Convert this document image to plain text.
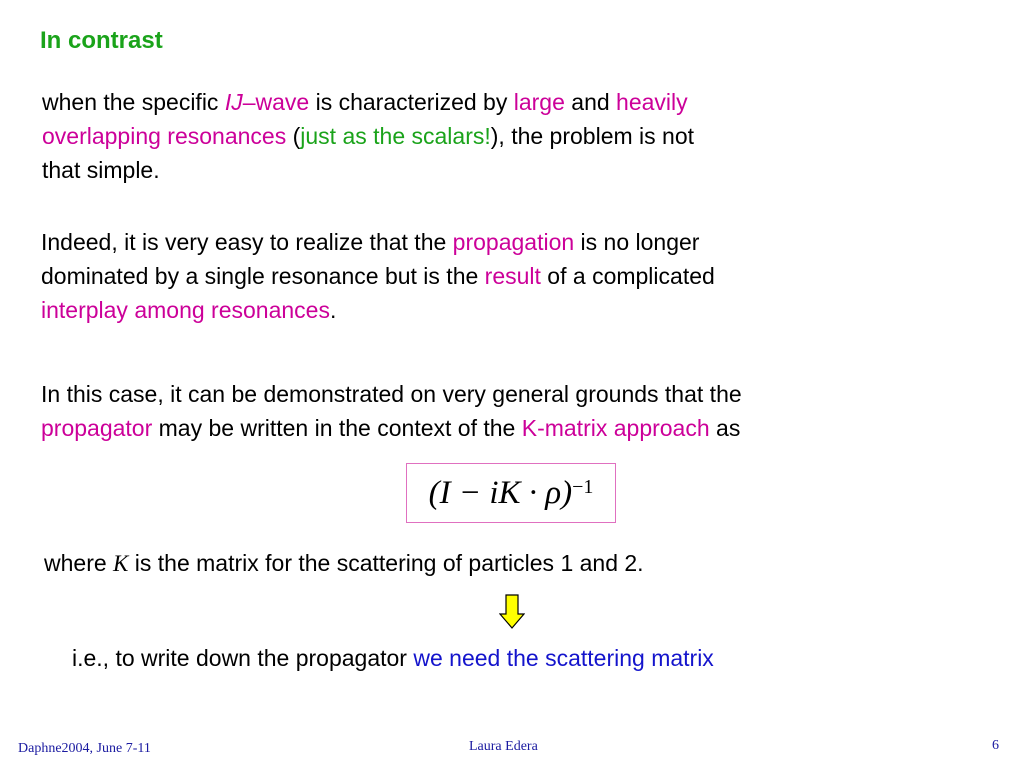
In contrast
when the specific IJ–wave is characterized by large and heavily
overlapping resonances (just as the scalars!), the problem is not
that simple.
Indeed, it is very easy to realize that the propagation is no longer
dominated by a single resonance but is the result of a complicated
interplay among resonances.
In this case, it can be demonstrated on very general grounds that the
propagator may be written in the context of the K-matrix approach as
(I − iK · ρ)$^{-1}$
where K is the matrix for the scattering of particles 1 and 2.
i.e., to write down the propagator we need the scattering matrix
Daphne2004, June 7-11	Laura Edera	6
